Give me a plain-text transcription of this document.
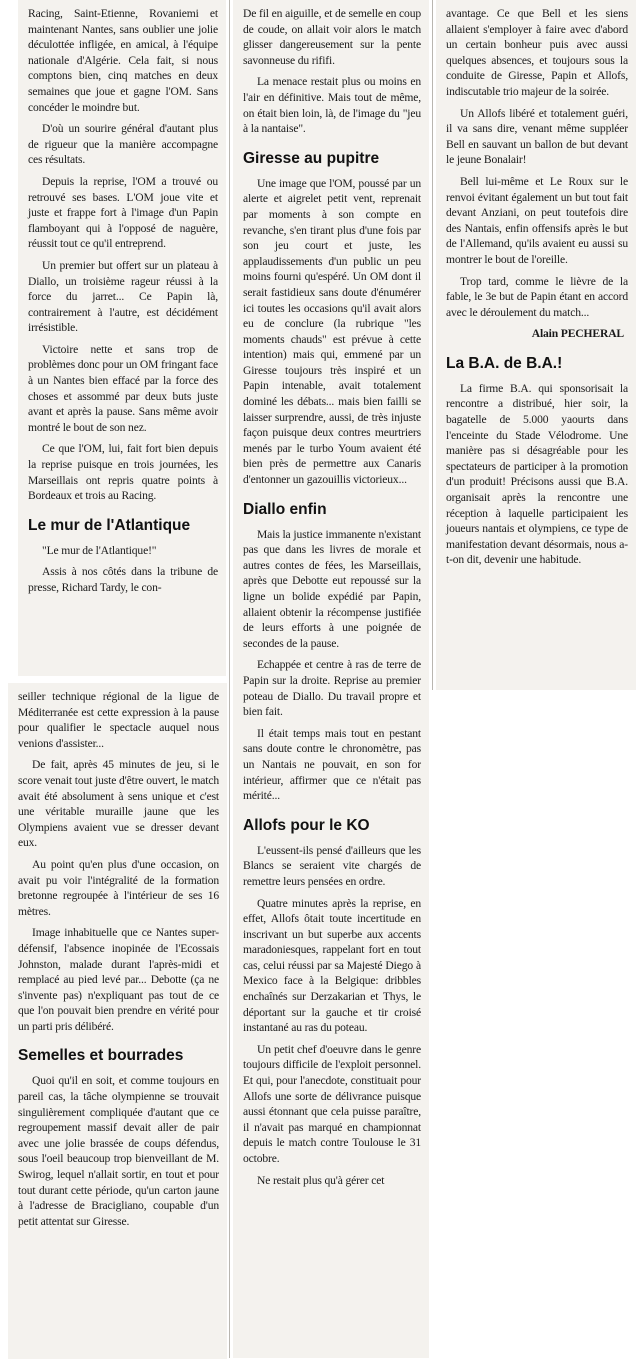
Racing, Saint-Etienne, Rovaniemi et maintenant Nantes, sans oublier une jolie déculottée infligée, en amical, à l'équipe nationale d'Algérie. Cela fait, si nous comptons bien, cinq matches en deux semaines que joue et gagne l'OM. Sans concéder le moindre but.

D'où un sourire général d'autant plus de rigueur que la manière accompagne ces résultats.

Depuis la reprise, l'OM a trouvé ou retrouvé ses bases. L'OM joue vite et juste et frappe fort à l'image d'un Papin flamboyant qui à l'opposé de naguère, réussit tout ce qu'il entreprend.

Un premier but offert sur un plateau à Diallo, un troisième rageur réussi à la force du jarret... Ce Papin là, contrairement à l'autre, est décidément irrésistible.

Victoire nette et sans trop de problèmes donc pour un OM fringant face à un Nantes bien effacé par la force des choses et assommé par deux buts juste avant et après la pause. Sans même avoir montré le bout de son nez.

Ce que l'OM, lui, fait fort bien depuis la reprise puisque en trois journées, les Marseillais ont repris quatre points à Bordeaux et trois au Racing.

Le mur de l'Atlantique

"Le mur de l'Atlantique!"

Assis à nos côtés dans la tribune de presse, Richard Tardy, le con-

seiller technique régional de la ligue de Méditerranée est cette expression à la pause pour qualifier le spectacle auquel nous venions d'assister...

De fait, après 45 minutes de jeu, si le score venait tout juste d'être ouvert, le match avait été absolument à sens unique et c'est une véritable muraille jaune que les Olympiens avaient vue se dresser devant eux.

Au point qu'en plus d'une occasion, on avait pu voir l'intégralité de la formation bretonne regroupée à l'intérieur de ses 16 mètres.

Image inhabituelle que ce Nantes super-défensif, l'absence inopinée de l'Ecossais Johnston, malade durant l'après-midi et remplacé au pied levé par... Debotte (ça ne s'invente pas) n'expliquant pas tout de ce que l'on pouvait bien prendre en vérité pour un parti pris délibéré.

Semelles et bourrades

Quoi qu'il en soit, et comme toujours en pareil cas, la tâche olympienne se trouvait singulièrement compliquée d'autant que ce regroupement massif devait aller de pair avec une jolie brassée de coups défendus, sous l'oeil beaucoup trop bienveillant de M. Swirog, lequel n'allait sortir, en tout et pour tout durant cette période, qu'un carton jaune à l'adresse de Bracigliano, coupable d'un petit attentat sur Giresse.

De fil en aiguille, et de semelle en coup de coude, on allait voir alors le match glisser dangereusement sur la pente savonneuse du rififi.

La menace restait plus ou moins en l'air en définitive. Mais tout de même, on était bien loin, là, de l'image du "jeu à la nantaise".

Giresse au pupitre

Une image que l'OM, poussé par un alerte et aigrelet petit vent, reprenait par moments à son compte en revanche, s'en tirant plus d'une fois par son jeu court et juste, les applaudissements d'un public un peu moins fourni qu'espéré. Un OM dont il serait fastidieux sans doute d'énumérer ici toutes les occasions qu'il avait alors eu de conclure (la rubrique "les moments chauds" est prévue à cette intention) mais qui, emmené par un Giresse toujours très inspiré et un Papin intenable, avait totalement dominé les débats... mais bien failli se laisser surprendre, aussi, de très injuste façon puisque deux contres meurtriers menés par le turbo Youm avaient été bien près de permettre aux Canaris d'entonner un gazouillis victorieux...

Diallo enfin

Mais la justice immanente n'existant pas que dans les livres de morale et autres contes de fées, les Marseillais, après que Debotte eut repoussé sur la ligne un bolide expédié par Papin, allaient obtenir la récompense justifiée de leurs efforts à une poignée de secondes de la pause.

Echappée et centre à ras de terre de Papin sur la droite. Reprise au premier poteau de Diallo. Du travail propre et bien fait.

Il était temps mais tout en pestant sans doute contre le chronomètre, pas un Nantais ne pouvait, en son for intérieur, affirmer que ce n'était pas mérité...

Allofs pour le KO

L'eussent-ils pensé d'ailleurs que les Blancs se seraient vite chargés de remettre leurs pensées en ordre.

Quatre minutes après la reprise, en effet, Allofs ôtait toute incertitude en inscrivant un but superbe aux accents maradoniesques, rappelant fort en tout cas, celui réussi par sa Majesté Diego à Mexico face à la Belgique: dribbles enchaînés sur Derzakarian et Thys, le déportant sur la gauche et tir croisé instantané au ras du poteau.

Un petit chef d'oeuvre dans le genre toujours difficile de l'exploit personnel. Et qui, pour l'anecdote, constituait pour Allofs une sorte de délivrance puisque aussi étonnant que cela puisse paraître, il n'avait pas marqué en championnat depuis le match contre Toulouse le 31 octobre.

Ne restait plus qu'à gérer cet

avantage. Ce que Bell et les siens allaient s'employer à faire avec d'abord un certain bonheur puis avec aussi quelques absences, et toujours sous la conduite de Giresse, Papin et Allofs, indiscutable trio majeur de la soirée.

Un Allofs libéré et totalement guéri, il va sans dire, venant même suppléer Bell en sauvant un ballon de but devant le jeune Bonalair!

Bell lui-même et Le Roux sur le renvoi évitant également un but tout fait devant Anziani, on peut toutefois dire des Nantais, enfin offensifs après le but de l'Allemand, qu'ils avaient eu aussi su montrer le bout de l'oreille.

Trop tard, comme le lièvre de la fable, le 3e but de Papin étant en accord avec le déroulement du match...

Alain PECHERAL

La B.A. de B.A.!

La firme B.A. qui sponsorisait la rencontre a distribué, hier soir, la bagatelle de 5.000 yaourts dans l'enceinte du Stade Vélodrome. Une manière pas si désagréable pour les spectateurs de participer à la promotion d'un produit! Précisons aussi que B.A. organisait après la rencontre une réception à laquelle participaient les joueurs nantais et olympiens, ce type de manifestation devant désormais, nous a-t-on dit, devenir une habitude.
